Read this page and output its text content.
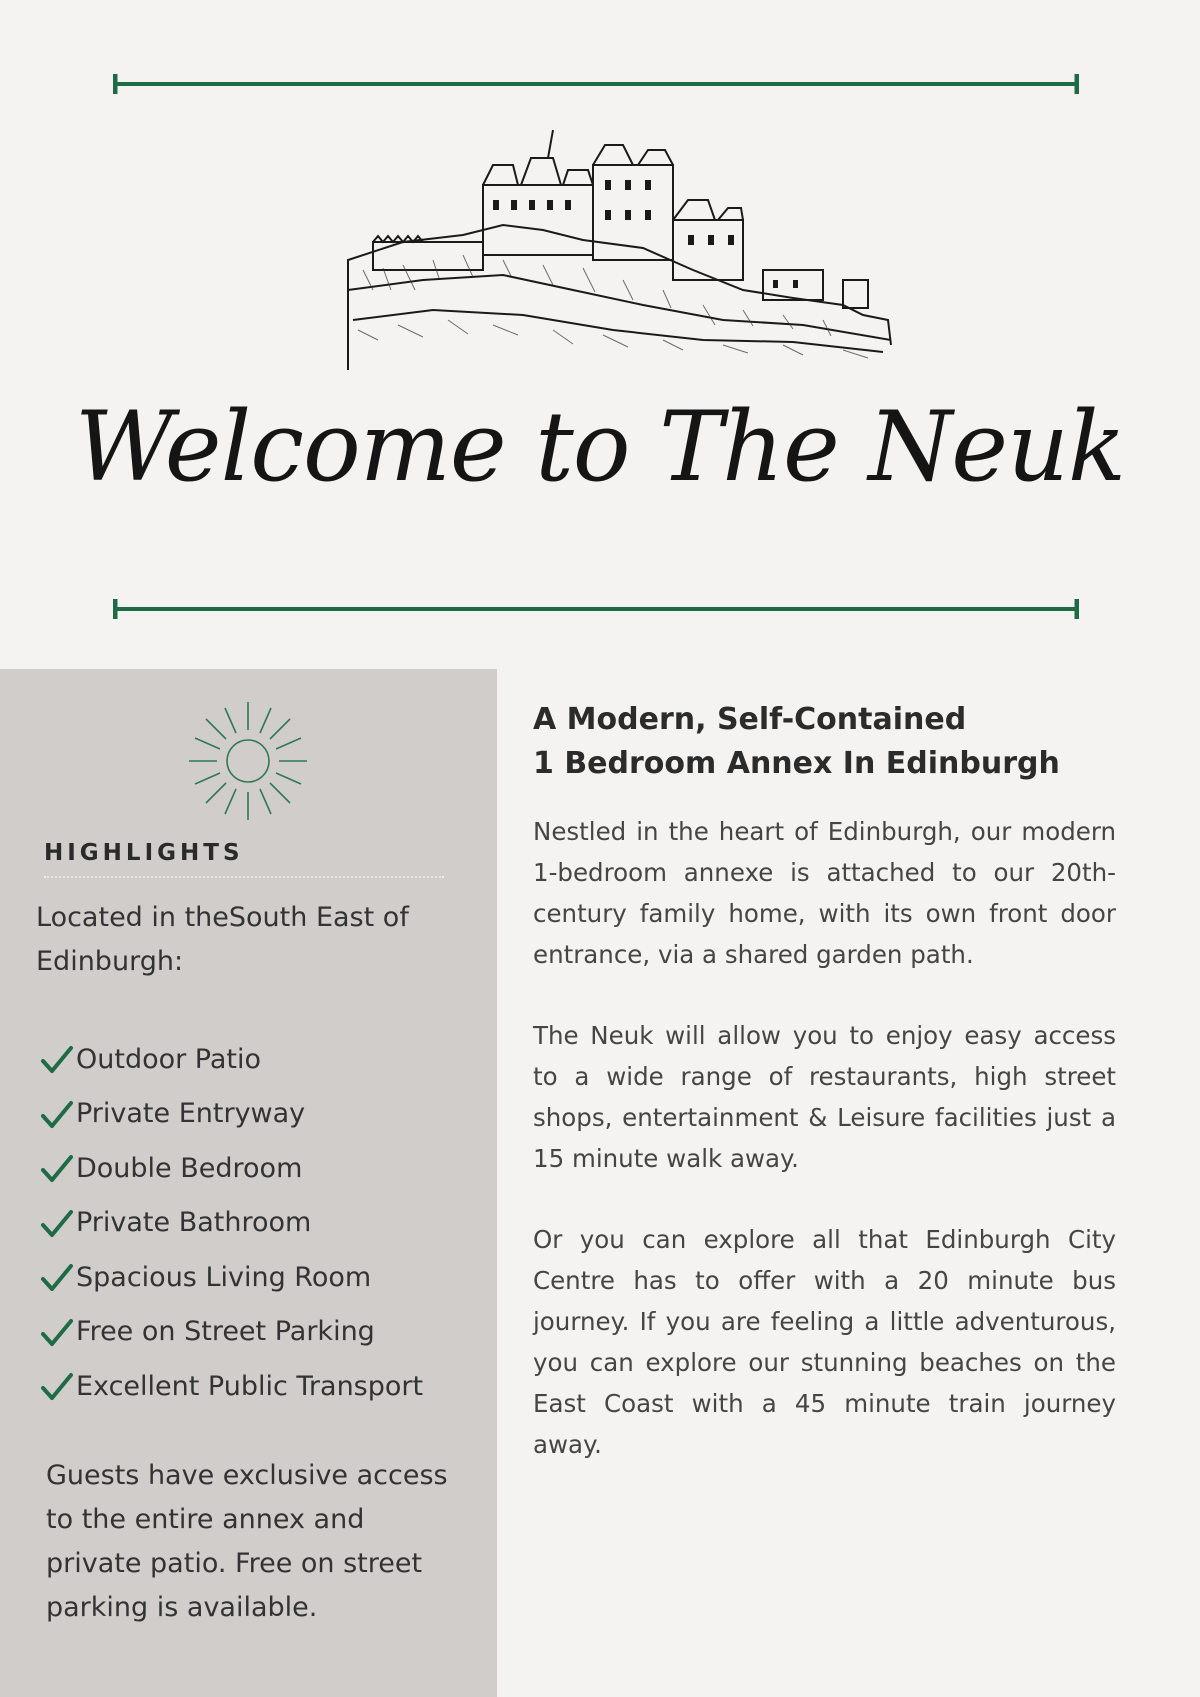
Welcome to The Neuk
HIGHLIGHTS
Located in theSouth East of Edinburgh:
Outdoor Patio
Private Entryway
Double Bedroom
Private Bathroom
Spacious Living Room
Free on Street Parking
Excellent Public Transport
Guests have exclusive access to the entire annex and private patio. Free on street parking is available.
A Modern, Self-Contained
1 Bedroom Annex In Edinburgh

Nestled in the heart of Edinburgh, our modern 1-bedroom annexe is attached to our 20th-century family home, with its own front door entrance, via a shared garden path.

The Neuk will allow you to enjoy easy access to a wide range of restaurants, high street shops, entertainment & Leisure facilities just a 15 minute walk away.

Or you can explore all that Edinburgh City Centre has to offer with a 20 minute bus journey. If you are feeling a little adventurous, you can explore our stunning beaches on the East Coast with a 45 minute train journey away.
